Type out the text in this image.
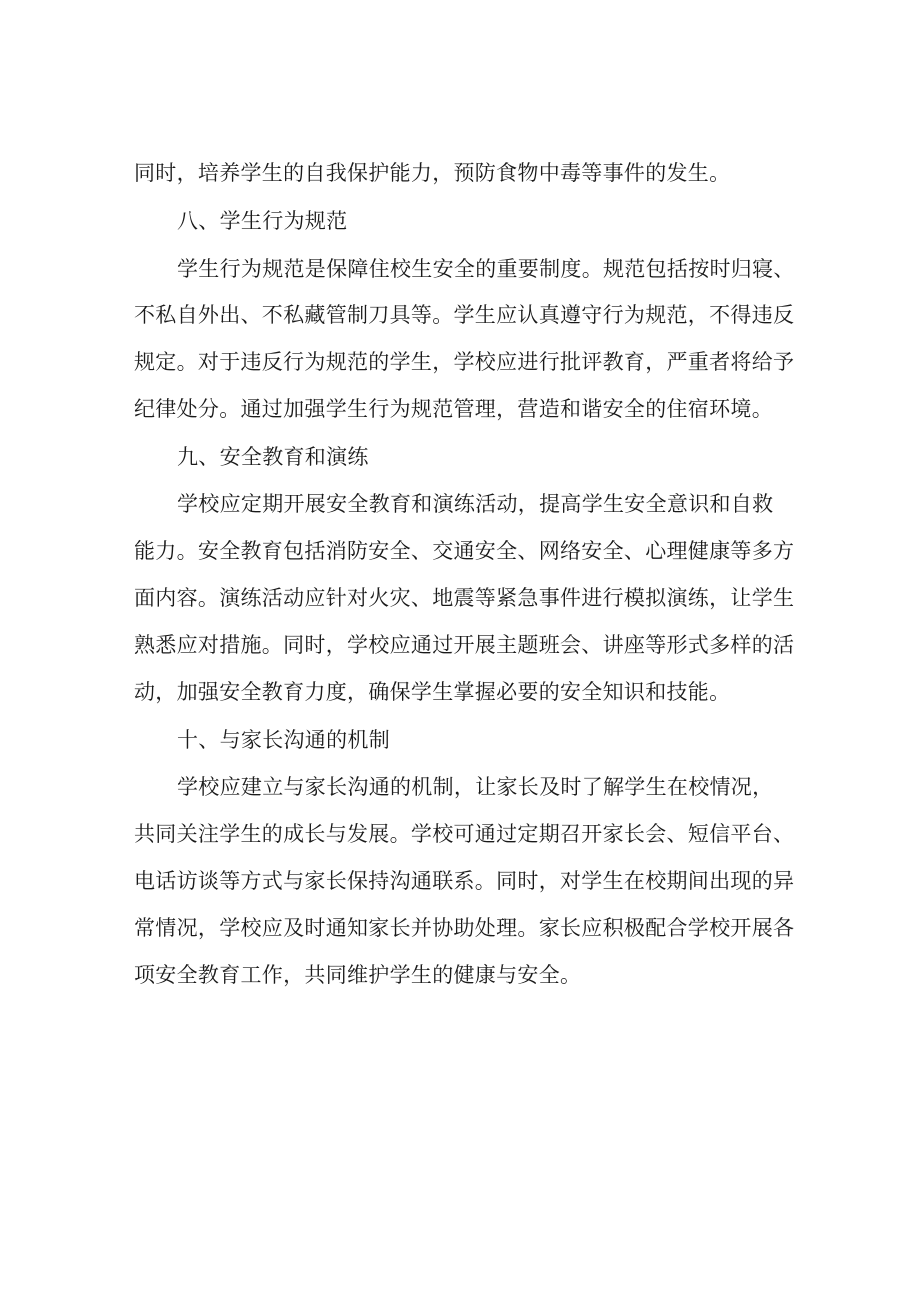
同时，培养学生的自我保护能力，预防食物中毒等事件的发生。
八、学生行为规范
学生行为规范是保障住校生安全的重要制度。规范包括按时归寝、
不私自外出、不私藏管制刀具等。学生应认真遵守行为规范，不得违反
规定。对于违反行为规范的学生，学校应进行批评教育，严重者将给予
纪律处分。通过加强学生行为规范管理，营造和谐安全的住宿环境。
九、安全教育和演练
学校应定期开展安全教育和演练活动，提高学生安全意识和自救
能力。安全教育包括消防安全、交通安全、网络安全、心理健康等多方
面内容。演练活动应针对火灾、地震等紧急事件进行模拟演练，让学生
熟悉应对措施。同时，学校应通过开展主题班会、讲座等形式多样的活
动，加强安全教育力度，确保学生掌握必要的安全知识和技能。
十、与家长沟通的机制
学校应建立与家长沟通的机制，让家长及时了解学生在校情况，
共同关注学生的成长与发展。学校可通过定期召开家长会、短信平台、
电话访谈等方式与家长保持沟通联系。同时，对学生在校期间出现的异
常情况，学校应及时通知家长并协助处理。家长应积极配合学校开展各
项安全教育工作，共同维护学生的健康与安全。
